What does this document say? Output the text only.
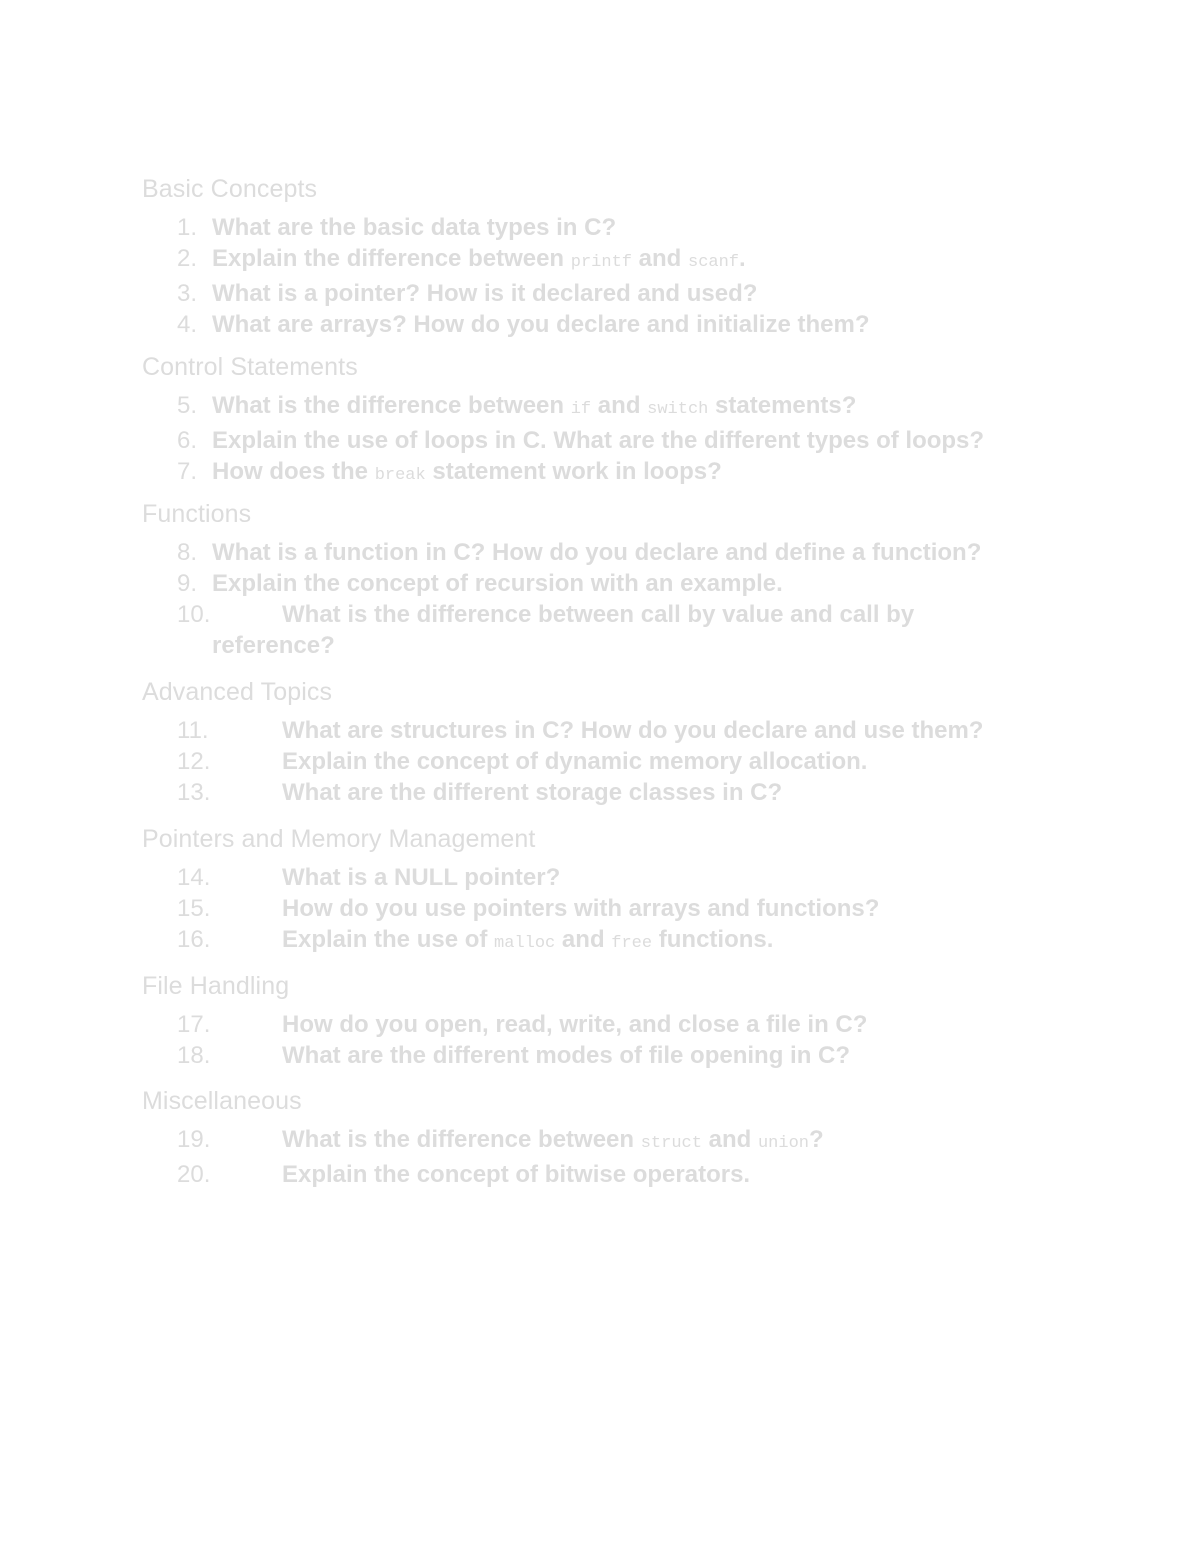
Basic Concepts
1. What are the basic data types in C?
2. Explain the difference between printf and scanf.
3. What is a pointer? How is it declared and used?
4. What are arrays? How do you declare and initialize them?
Control Statements
5. What is the difference between if and switch statements?
6. Explain the use of loops in C. What are the different types of loops?
7. How does the break statement work in loops?
Functions
8. What is a function in C? How do you declare and define a function?
9. Explain the concept of recursion with an example.
10.	What is the difference between call by value and call by reference?
Advanced Topics
11.	What are structures in C? How do you declare and use them?
12.	Explain the concept of dynamic memory allocation.
13.	What are the different storage classes in C?
Pointers and Memory Management
14.	What is a NULL pointer?
15.	How do you use pointers with arrays and functions?
16.	Explain the use of malloc and free functions.
File Handling
17.	How do you open, read, write, and close a file in C?
18.	What are the different modes of file opening in C?
Miscellaneous
19.	What is the difference between struct and union?
20.	Explain the concept of bitwise operators.
